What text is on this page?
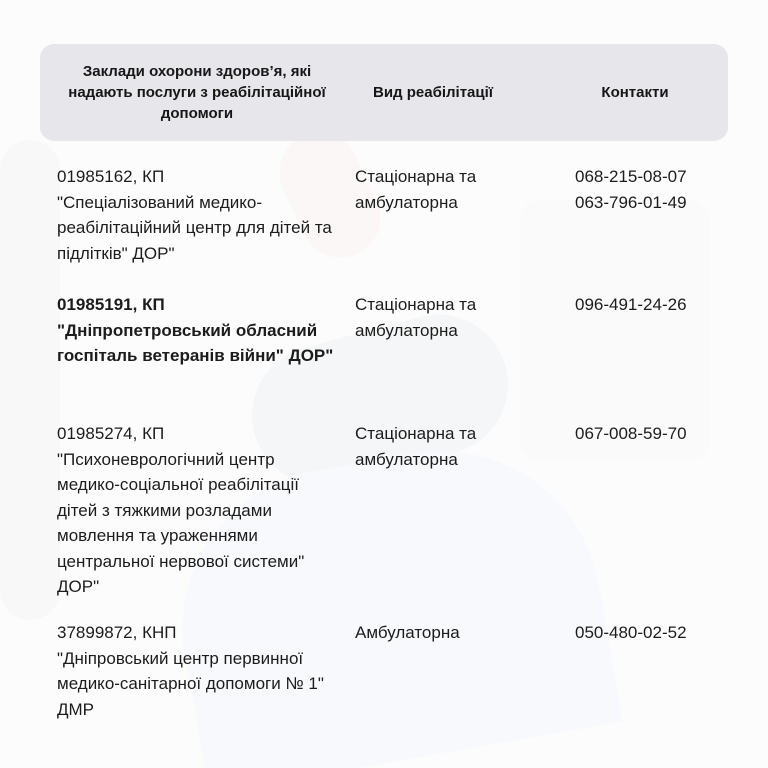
Заклади охорони здоров’я, які надають послуги з реабілітаційної допомоги
Вид реабілітації	Контакти
01985162, КП
"Спеціалізований медико-реабілітаційний центр для дітей та підлітків" ДОР"
Стаціонарна та амбулаторна
068-215-08-07
063-796-01-49
01985191, КП
"Дніпропетровський обласний госпіталь ветеранів війни" ДОР"
Стаціонарна та амбулаторна
096-491-24-26
01985274, КП
"Психоневрологічний центр медико-соціальної реабілітації дітей з тяжкими розладами мовлення та ураженнями центральної нервової системи" ДОР"
Стаціонарна та амбулаторна
067-008-59-70
37899872, КНП
"Дніпровський центр первинної медико-санітарної допомоги № 1" ДМР
Амбулаторна	050-480-02-52
